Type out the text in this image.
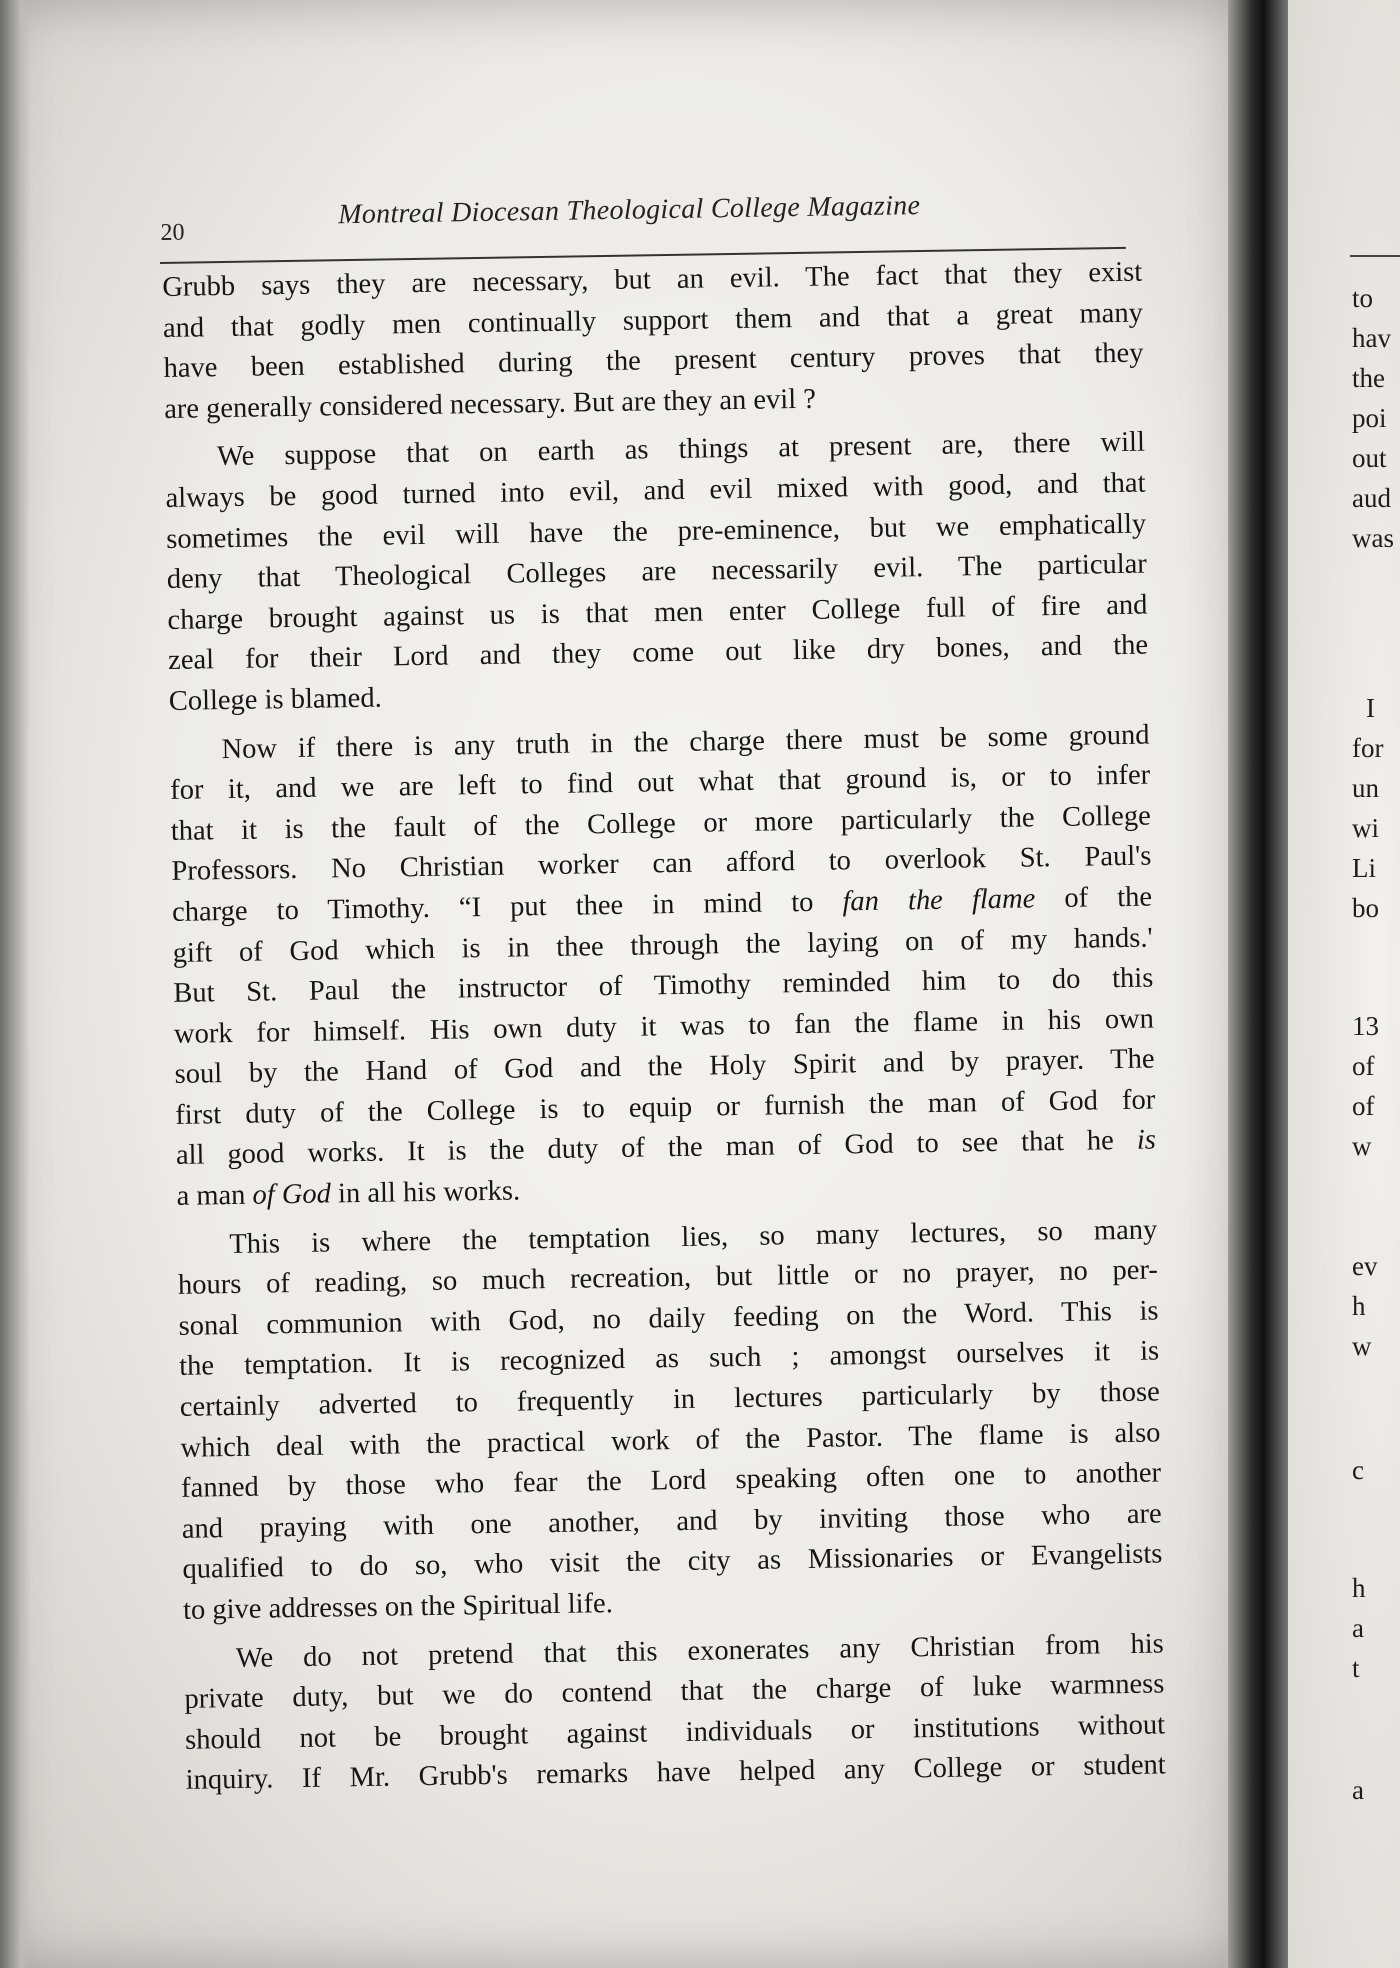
20
Montreal Diocesan Theological College Magazine

Grubb says they are necessary, but an evil. The fact that they exist
and that godly men continually support them and that a great many
have been established during the present century proves that they
are generally considered necessary. But are they an evil ?

We suppose that on earth as things at present are, there will
always be good turned into evil, and evil mixed with good, and that
sometimes the evil will have the pre-eminence, but we emphatically
deny that Theological Colleges are necessarily evil. The particular
charge brought against us is that men enter College full of fire and
zeal for their Lord and they come out like dry bones, and the
College is blamed.

Now if there is any truth in the charge there must be some ground
for it, and we are left to find out what that ground is, or to infer
that it is the fault of the College or more particularly the College
Professors. No Christian worker can afford to overlook St. Paul's
charge to Timothy. “I put thee in mind to fan the flame of the
gift of God which is in thee through the laying on of my hands.'
But St. Paul the instructor of Timothy reminded him to do this
work for himself. His own duty it was to fan the flame in his own
soul by the Hand of God and the Holy Spirit and by prayer. The
first duty of the College is to equip or furnish the man of God for
all good works. It is the duty of the man of God to see that he is
a man of God in all his works.

This is where the temptation lies, so many lectures, so many
hours of reading, so much recreation, but little or no prayer, no per-
sonal communion with God, no daily feeding on the Word. This is
the temptation. It is recognized as such ; amongst ourselves it is
certainly adverted to frequently in lectures particularly by those
which deal with the practical work of the Pastor. The flame is also
fanned by those who fear the Lord speaking often one to another
and praying with one another, and by inviting those who are
qualified to do so, who visit the city as Missionaries or Evangelists
to give addresses on the Spiritual life.

We do not pretend that this exonerates any Christian from his
private duty, but we do contend that the charge of luke warmness
should not be brought against individuals or institutions without
inquiry. If Mr. Grubb's remarks have helped any College or student

to
hav
the
poi
out
aud
was
I
for
un
wi
Li
bo
13
of
of
w
ev
h
w
c
h
a
t
a
